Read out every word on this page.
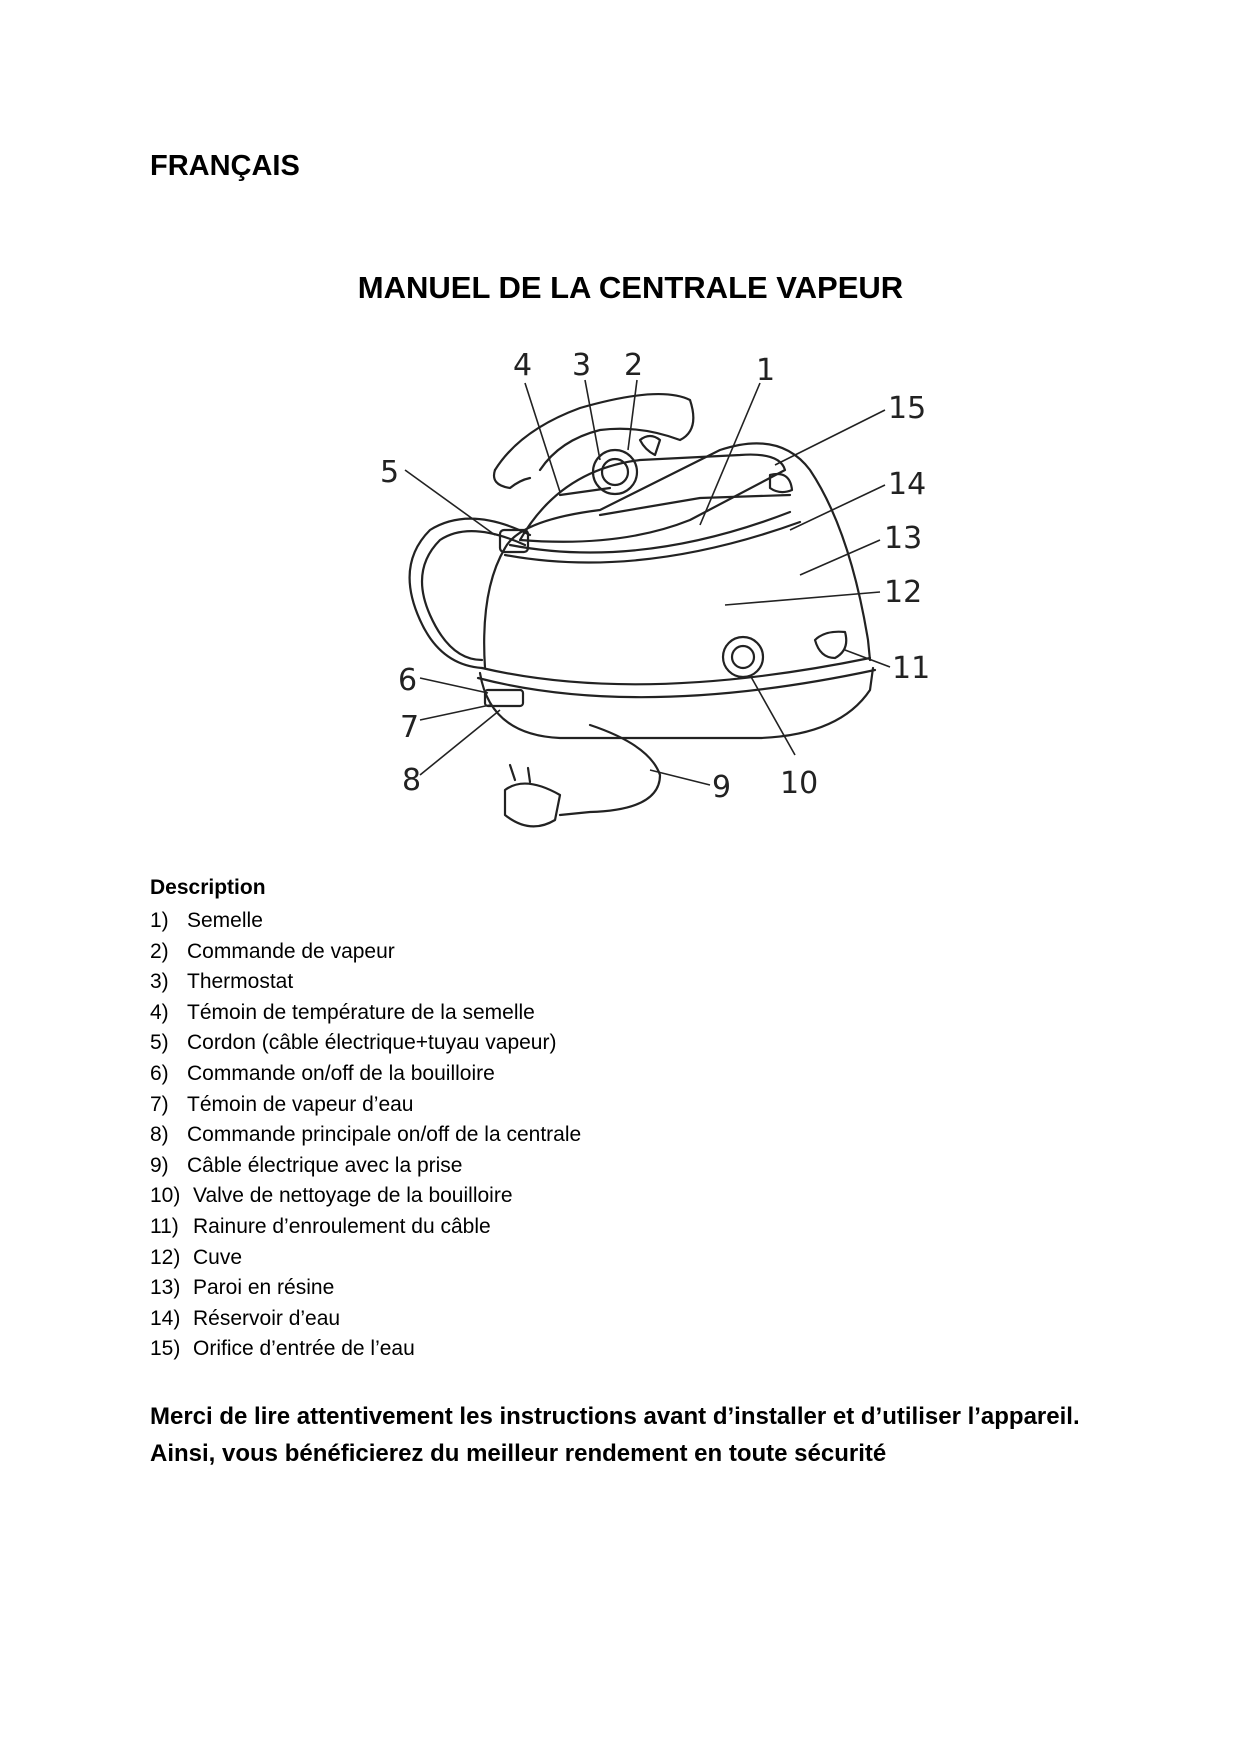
FRANÇAIS
MANUEL DE LA CENTRALE VAPEUR
1
2
3
4
5
6
7
8	9 10
11
12
13
14
15
Description
1) Semelle
2) Commande de vapeur
3) Thermostat
4) Témoin de température de la semelle
5) Cordon (câble électrique+tuyau vapeur)
6) Commande on/off de la bouilloire
7) Témoin de vapeur d’eau
8) Commande principale on/off de la centrale
9) Câble électrique avec la prise
10) Valve de nettoyage de la bouilloire
11) Rainure d’enroulement du câble
12) Cuve
13) Paroi en résine
14) Réservoir d’eau
15) Orifice d’entrée de l’eau
Merci de lire attentivement les instructions avant d’installer et d’utiliser l’appareil.
Ainsi, vous bénéficierez du meilleur rendement en toute sécurité
